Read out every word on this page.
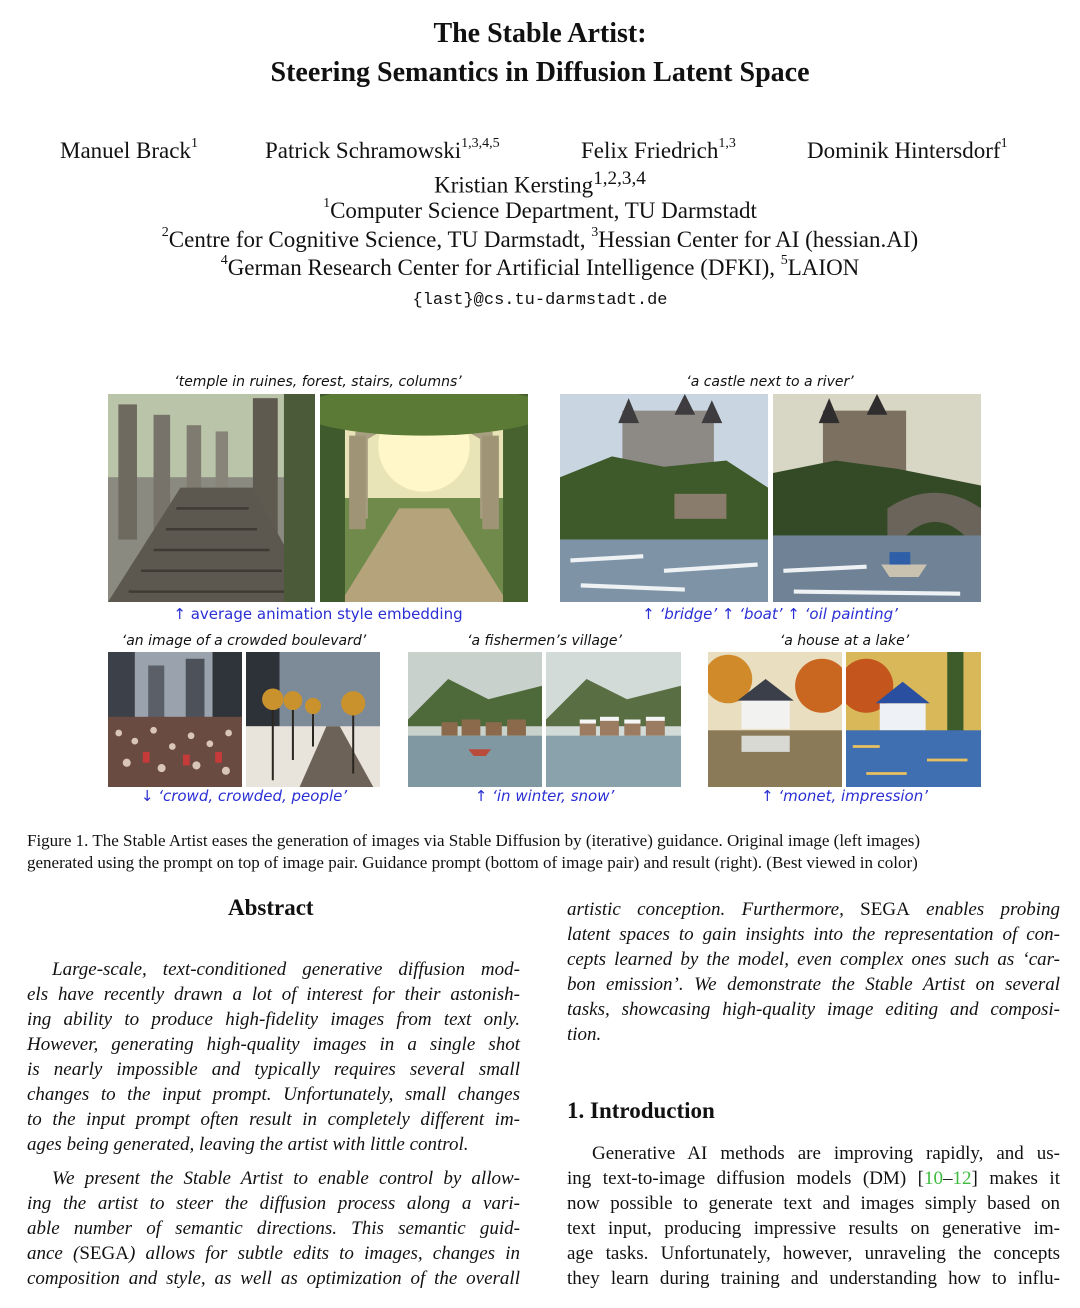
The Stable Artist:
Steering Semantics in Diffusion Latent Space
Manuel Brack$^1$	Patrick Schramowski$^{1,3,4,5}$	Felix Friedrich$^{1,3}$	Dominik Hintersdorf$^1$
Kristian Kersting$^{1,2,3,4}$
$^1$Computer Science Department, TU Darmstadt
$^2$Centre for Cognitive Science, TU Darmstadt, $^3$Hessian Center for AI (hessian.AI)
$^4$German Research Center for Artificial Intelligence (DFKI), $^5$LAION
{last}@cs.tu-darmstadt.de
‘temple in ruines, forest, stairs, columns’	‘a castle next to a river’
↑ average animation style embedding	↑ ‘bridge’ ↑ ‘boat’ ↑ ‘oil painting’
‘an image of a crowded boulevard’	‘a fishermen’s village’	‘a house at a lake’
↓ ‘crowd, crowded, people’	↑ ‘in winter, snow’	↑ ‘monet, impression’
Figure 1. The Stable Artist eases the generation of images via Stable Diffusion by (iterative) guidance. Original image (left images)
generated using the prompt on top of image pair. Guidance prompt (bottom of image pair) and result (right). (Best viewed in color)
Abstract
Large-scale, text-conditioned generative diffusion mod-
els have recently drawn a lot of interest for their astonish-
ing ability to produce high-fidelity images from text only.
However, generating high-quality images in a single shot
is nearly impossible and typically requires several small
changes to the input prompt. Unfortunately, small changes
to the input prompt often result in completely different im-
ages being generated, leaving the artist with little control.
We present the Stable Artist to enable control by allow-
ing the artist to steer the diffusion process along a vari-
able number of semantic directions. This semantic guid-
ance (SEGA) allows for subtle edits to images, changes in
composition and style, as well as optimization of the overall
artistic conception. Furthermore, SEGA enables probing
latent spaces to gain insights into the representation of con-
cepts learned by the model, even complex ones such as ‘car-
bon emission’. We demonstrate the Stable Artist on several
tasks, showcasing high-quality image editing and composi-
tion.
1. Introduction
Generative AI methods are improving rapidly, and us-
ing text-to-image diffusion models (DM) [10–12] makes it
now possible to generate text and images simply based on
text input, producing impressive results on generative im-
age tasks. Unfortunately, however, unraveling the concepts
they learn during training and understanding how to influ-
